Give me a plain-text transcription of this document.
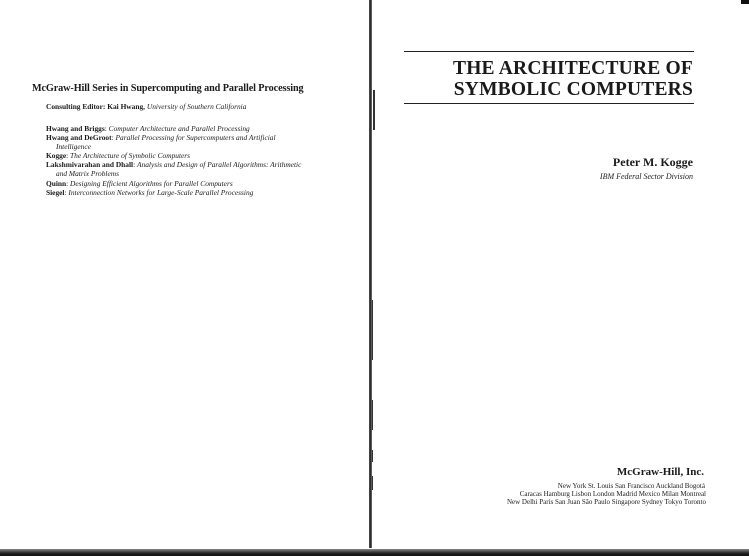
McGraw-Hill Series in Supercomputing and Parallel Processing
Consulting Editor: Kai Hwang, University of Southern California
Hwang and Briggs: Computer Architecture and Parallel Processing
Hwang and DeGroot: Parallel Processing for Supercomputers and Artificial
Intelligence
Kogge: The Architecture of Symbolic Computers
Lakshmivarahan and Dhall: Analysis and Design of Parallel Algorithms: Arithmetic
and Matrix Problems
Quinn: Designing Efficient Algorithms for Parallel Computers
Siegel: Interconnection Networks for Large-Scale Parallel Processing
THE ARCHITECTURE OF
SYMBOLIC COMPUTERS
Peter M. Kogge
IBM Federal Sector Division
McGraw-Hill, Inc.
New York St. Louis San Francisco Auckland Bogotá
Caracas Hamburg Lisbon London Madrid Mexico Milan Montreal
New Delhi Paris San Juan São Paulo Singapore Sydney Tokyo Toronto
